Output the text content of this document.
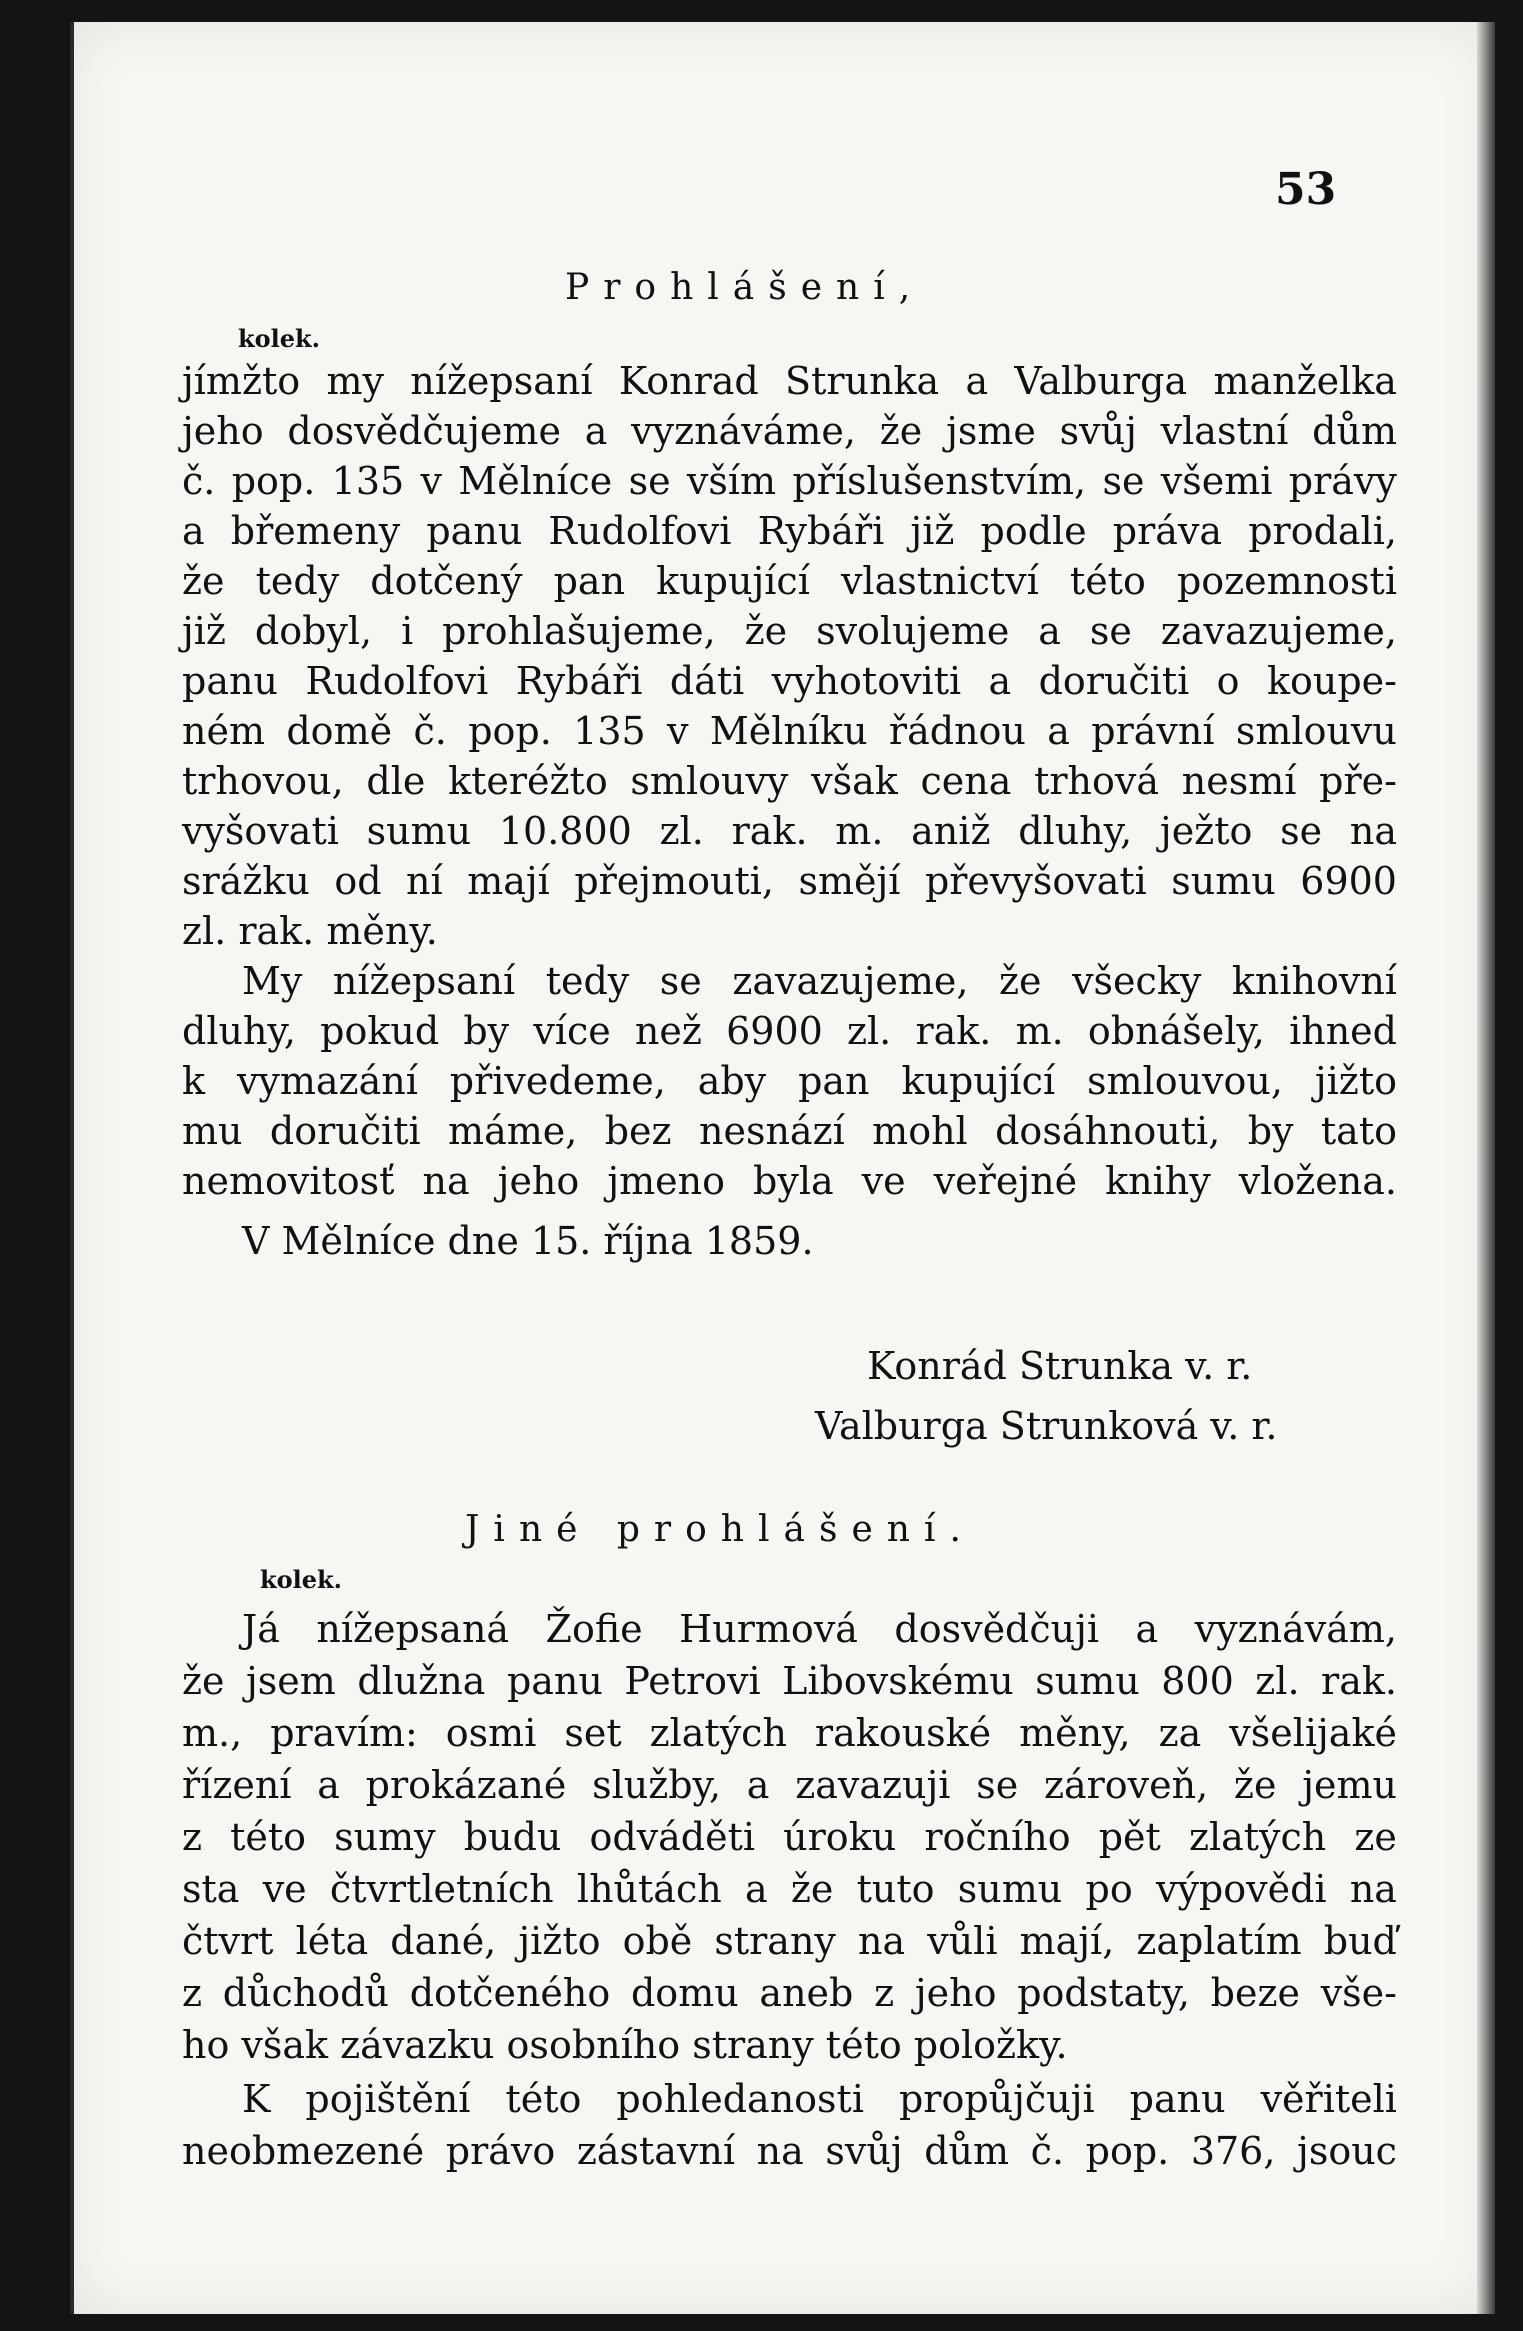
53
Prohlášení,
kolek.
jímžto my nížepsaní Konrad Strunka a Valburga manželka
jeho dosvědčujeme a vyznáváme, že jsme svůj vlastní dům
č. pop. 135 v Mělníce se vším příslušenstvím, se všemi právy
a břemeny panu Rudolfovi Rybáři již podle práva prodali,
že tedy dotčený pan kupující vlastnictví této pozemnosti
již dobyl, i prohlašujeme, že svolujeme a se zavazujeme,
panu Rudolfovi Rybáři dáti vyhotoviti a doručiti o koupe-
ném domě č. pop. 135 v Mělníku řádnou a právní smlouvu
trhovou, dle kteréžto smlouvy však cena trhová nesmí pře-
vyšovati sumu 10.800 zl. rak. m. aniž dluhy, ježto se na
srážku od ní mají přejmouti, smějí převyšovati sumu 6900
zl. rak. měny.
My nížepsaní tedy se zavazujeme, že všecky knihovní
dluhy, pokud by více než 6900 zl. rak. m. obnášely, ihned
k vymazání přivedeme, aby pan kupující smlouvou, jižto
mu doručiti máme, bez nesnází mohl dosáhnouti, by tato
nemovitosť na jeho jmeno byla ve veřejné knihy vložena.
V Mělníce dne 15. října 1859.
Konrád Strunka v. r.
Valburga Strunková v. r.
Jiné prohlášení.
kolek.
Já nížepsaná Žofie Hurmová dosvědčuji a vyznávám,
že jsem dlužna panu Petrovi Libovskému sumu 800 zl. rak.
m., pravím: osmi set zlatých rakouské měny, za všelijaké
řízení a prokázané služby, a zavazuji se zároveň, že jemu
z této sumy budu odváděti úroku ročního pět zlatých ze
sta ve čtvrtletních lhůtách a že tuto sumu po výpovědi na
čtvrt léta dané, jižto obě strany na vůli mají, zaplatím buď
z důchodů dotčeného domu aneb z jeho podstaty, beze vše-
ho však závazku osobního strany této položky.
K pojištění této pohledanosti propůjčuji panu věřiteli
neobmezené právo zástavní na svůj dům č. pop. 376, jsouc
